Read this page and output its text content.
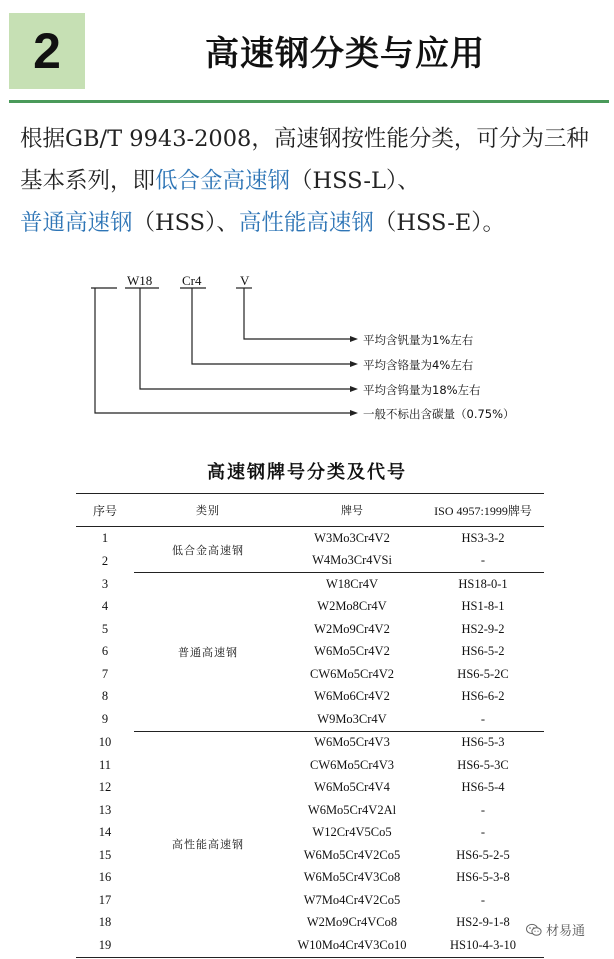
2	高速钢分类与应用
根据GB/T 9943-2008，高速钢按性能分类，可分为三种基本系列，即低合金高速钢（HSS-L）、
普通高速钢（HSS）、高性能高速钢（HSS-E）。
W18 Cr4	V
平均含钒量为1%左右
平均含铬量为4%左右
平均含钨量为18%左右
一般不标出含碳量（0.75%）
高速钢牌号分类及代号
序号	类别	牌号	ISO 4957:1999牌号
1	低合金高速钢	W3Mo3Cr4V2	HS3-3-2
2		W4Mo3Cr4VSi	-
3	普通高速钢	W18Cr4V	HS18-0-1
4		W2Mo8Cr4V	HS1-8-1
5		W2Mo9Cr4V2	HS2-9-2
6		W6Mo5Cr4V2	HS6-5-2
7		CW6Mo5Cr4V2	HS6-5-2C
8		W6Mo6Cr4V2	HS6-6-2
9		W9Mo3Cr4V	-
10	高性能高速钢	W6Mo5Cr4V3	HS6-5-3
11		CW6Mo5Cr4V3	HS6-5-3C
12		W6Mo5Cr4V4	HS6-5-4
13		W6Mo5Cr4V2Al	-
14		W12Cr4V5Co5	-
15		W6Mo5Cr4V2Co5	HS6-5-2-5
16		W6Mo5Cr4V3Co8	HS6-5-3-8
17		W7Mo4Cr4V2Co5	-
18		W2Mo9Cr4VCo8	HS2-9-1-8
19		W10Mo4Cr4V3Co10	HS10-4-3-10
材易通
